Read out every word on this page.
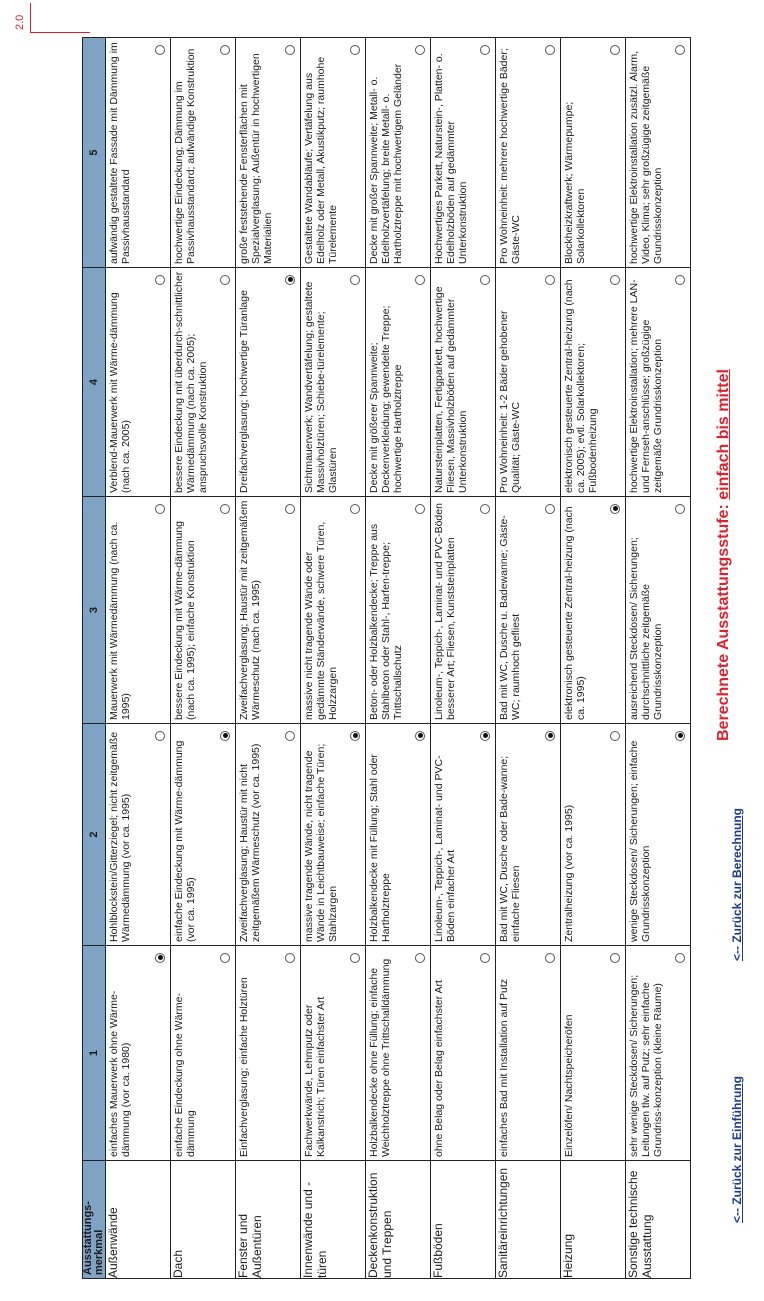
2.0
Ausstattungs-merkmal	1	2	3	4	5
Außenwände	einfaches Mauerwerk ohne Wärme-dämmung (vor ca. 1980)	Hohlblockstein/Gitterziegel; nicht zeitgemäße Wärmedämmung (vor ca. 1995)	Mauerwerk mit Wärmedämmung (nach ca. 1995)	Verblend-Mauerwerk mit Wärme-dämmung (nach ca. 2005)	aufwändig gestaltete Fassade mit Dämmung im Passivhausstandard

Dach	einfache Eindeckung ohne Wärme-dämmung	einfache Eindeckung mit Wärme-dämmung (vor ca. 1995)	bessere Eindeckung mit Wärme-dämmung (nach ca. 1995); einfache Konstruktion	bessere Eindeckung mit überdurch-schnittlicher Wärmedämmung (nach ca. 2005); anspruchsvolle Konstruktion	hochwertige Eindeckung; Dämmung im Passivhausstandard; aufwändige Konstruktion

Fenster und Außentüren	Einfachverglasung; einfache Holztüren	Zweifachverglasung; Haustür mit nicht zeitgemäßem Wärmeschutz (vor ca. 1995)	Zweifachverglasung; Haustür mit zeitgemäßem Wärmeschutz (nach ca. 1995)	Dreifachverglasung; hochwertige Türanlage	große feststehende Fensterflächen mit Spezialverglasung; Außentür in hochwertigen Materialien

Innenwände und -türen	Fachwerkwände, Lehmputz oder Kalkanstrich; Türen einfachster Art	massive tragende Wände, nicht tragende Wände in Leichtbauweise; einfache Türen; Stahlzargen	massive nicht tragende Wände oder gedämmte Ständerwände, schwere Türen, Holzzargen	Sichtmauerwerk; Wandvertäfelung; gestaltete Massivholztüren; Schiebe-türelemente; Glastüren	Gestaltete Wandabläufe; Vertäfelung aus Edelholz oder Metall, Akustikputz; raumhohe Türelemente

Deckenkonstruktion und Treppen	Holzbalkendecke ohne Füllung; einfache Weichholztreppe ohne Trittschalldämmung	Holzbalkendecke mit Füllung; Stahl oder Hartholztreppe	Beton- oder Holzbalkendecke; Treppe aus Stahlbeton oder Stahl-, Harfen-treppe; Trittschallschutz	Decke mit größerer Spannweite; Deckenverkleidung; gewendelte Treppe; hochwertige Hartholztreppe	Decke mit großer Spannweite; Metall- o. Edelholzvertäfelung; breite Metall- o. Hartholztreppe mit hochwertigem Geländer

Fußböden	ohne Belag oder Belag einfachster Art	Linoleum-, Teppich-, Laminat- und PVC-Böden einfacher Art	Linoleum-, Teppich-, Laminat- und PVC-Böden besserer Art; Fliesen, Kunststeinplatten	Natursteinplatten, Fertigparkett, hochwertige Fliesen, Massivholzböden auf gedämmter Unterkonstruktion	Hochwertiges Parkett, Naturstein-, Platten- o. Edelholzböden auf gedämmter Unterkonstruktion

Sanitäreinrichtungen	einfaches Bad mit Installation auf Putz	Bad mit WC, Dusche oder Bade-wanne; einfache Fliesen	Bad mit WC, Dusche u. Badewanne; Gäste-WC; raumhoch gefliest	Pro Wohneinheit: 1-2 Bäder gehobener Qualität; Gäste-WC	Pro Wohneinheit: mehrere hochwertige Bäder; Gäste-WC

Heizung	Einzelöfen/ Nachtspeicheröfen	Zentralheizung (vor ca. 1995)	elektronisch gesteuerte Zentral-heizung (nach ca. 1995)	elektronisch gesteuerte Zentral-heizung (nach ca. 2005); evtl. Solarkollektoren; Fußbodenheizung	Blockheizkraftwerk; Wärmepumpe; Solarkollektoren

Sonstige technische Ausstattung	sehr wenige Steckdosen/ Sicherungen; Leitungen tlw. auf Putz; sehr einfache Grundriss-konzeption (kleine Räume)	wenige Steckdosen/ Sicherungen; einfache Grundrisskonzeption	ausreichend Steckdosen/ Sicherungen; durchschnittliche zeitgemäße Grundrisskonzeption	hochwertige Elektroinstallation; mehrere LAN- und Fernseh-anschlüsse; großzügige zeitgemäße Grundrisskonzeption	hochwertige Elektroinstallation zusätzl. Alarm, Video, Klima; sehr großzügige zeitgemäße Grundrisskonzeption
<-- Zurück zur Einführung
<-- Zurück zur Berechnung
Berechnete Ausstattungsstufe: einfach bis mittel
